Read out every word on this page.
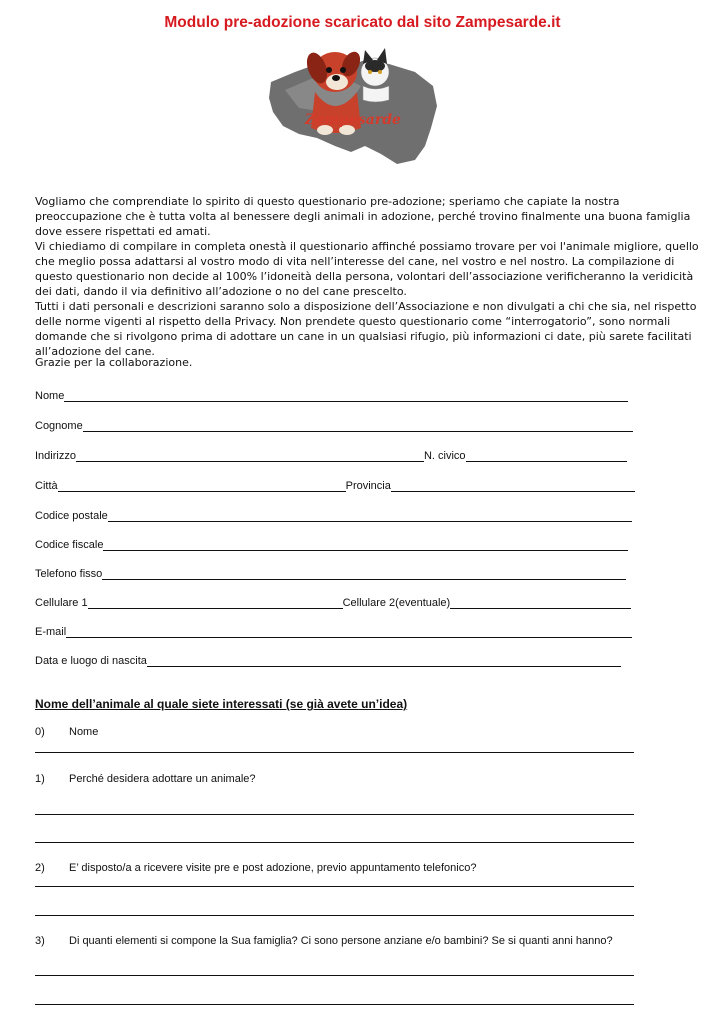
Modulo pre-adozione scaricato dal sito Zampesarde.it
Zampesarde

Vogliamo che comprendiate lo spirito di questo questionario pre-adozione; speriamo che capiate la nostra preoccupazione che è tutta volta al benessere degli animali in adozione, perché trovino finalmente una buona famiglia dove essere rispettati ed amati.

Vi chiediamo di compilare in completa onestà il questionario affinché possiamo trovare per voi l'animale migliore, quello che meglio possa adattarsi al vostro modo di vita nell’interesse del cane, nel vostro e nel nostro. La compilazione di questo questionario non decide al 100% l’idoneità della persona, volontari dell’associazione verificheranno la veridicità dei dati, dando il via definitivo all’adozione o no del cane prescelto.

Tutti i dati personali e descrizioni saranno solo a disposizione dell’Associazione e non divulgati a chi che sia, nel rispetto delle norme vigenti al rispetto della Privacy. Non prendete questo questionario come “interrogatorio”, sono normali domande che si rivolgono prima di adottare un cane in un qualsiasi rifugio, più informazioni ci date, più sarete facilitati all’adozione del cane.

Grazie per la collaborazione.
Nome
Cognome
Indirizzo	N. civico
Città	Provincia
Codice postale
Codice fiscale
Telefono fisso
Cellulare 1	Cellulare 2(eventuale)
E-mail
Data e luogo di nascita
Nome dell’animale al quale siete interessati (se già avete un’idea)
0) Nome
1) Perché desidera adottare un animale?
2) E’ disposto/a a ricevere visite pre e post adozione, previo appuntamento telefonico?
3) Di quanti elementi si compone la Sua famiglia? Ci sono persone anziane e/o bambini? Se si quanti anni hanno?
